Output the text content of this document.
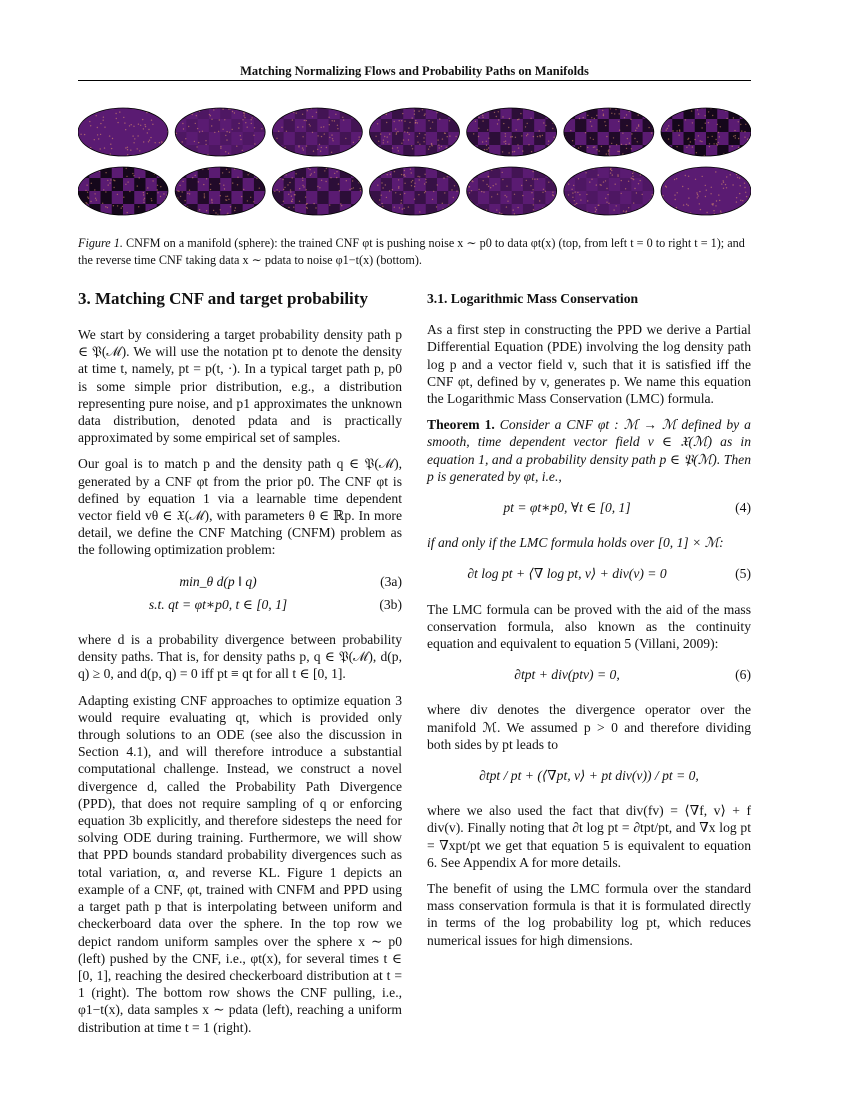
Matching Normalizing Flows and Probability Paths on Manifolds
Figure 1. CNFM on a manifold (sphere): the trained CNF φt is pushing noise x ∼ p0 to data φt(x) (top, from left t = 0 to right t = 1); and the reverse time CNF taking data x ∼ pdata to noise φ1−t(x) (bottom).
3. Matching CNF and target probability

We start by considering a target probability density path p ∈ 𝔓(ℳ). We will use the notation pt to denote the density at time t, namely, pt = p(t, ·). In a typical target path p, p0 is some simple prior distribution, e.g., a distribution representing pure noise, and p1 approximates the unknown data distribution, denoted pdata and is practically approximated by some empirical set of samples.

Our goal is to match p and the density path q ∈ 𝔓(ℳ), generated by a CNF φt from the prior p0. The CNF φt is defined by equation 1 via a learnable time dependent vector field vθ ∈ 𝔛(ℳ), with parameters θ ∈ ℝp. In more detail, we define the CNF Matching (CNFM) problem as the following optimization problem:

min_θ d(p ‖ q)	(3a)
s.t. qt = φt∗p0, t ∈ [0, 1]	(3b)

where d is a probability divergence between probability density paths. That is, for density paths p, q ∈ 𝔓(ℳ), d(p, q) ≥ 0, and d(p, q) = 0 iff pt ≡ qt for all t ∈ [0, 1].

Adapting existing CNF approaches to optimize equation 3 would require evaluating qt, which is provided only through solutions to an ODE (see also the discussion in Section 4.1), and will therefore introduce a substantial computational challenge. Instead, we construct a novel divergence d, called the Probability Path Divergence (PPD), that does not require sampling of q or enforcing equation 3b explicitly, and therefore sidesteps the need for solving ODE during training. Furthermore, we will show that PPD bounds standard probability divergences such as total variation, α, and reverse KL. Figure 1 depicts an example of a CNF, φt, trained with CNFM and PPD using a target path p that is interpolating between uniform and checkerboard data over the sphere. In the top row we depict random uniform samples over the sphere x ∼ p0 (left) pushed by the CNF, i.e., φt(x), for several times t ∈ [0, 1], reaching the desired checkerboard distribution at t = 1 (right). The bottom row shows the CNF pulling, i.e., φ1−t(x), data samples x ∼ pdata (left), reaching a uniform distribution at time t = 1 (right).

3.1. Logarithmic Mass Conservation

As a first step in constructing the PPD we derive a Partial Differential Equation (PDE) involving the log density path log p and a vector field v, such that it is satisfied iff the CNF φt, defined by v, generates p. We name this equation the Logarithmic Mass Conservation (LMC) formula.

Theorem 1. Consider a CNF φt : ℳ → ℳ defined by a smooth, time dependent vector field v ∈ 𝔛(ℳ) as in equation 1, and a probability density path p ∈ 𝔓(ℳ). Then p is generated by φt, i.e.,

pt = φt∗p0, ∀t ∈ [0, 1]	(4)

if and only if the LMC formula holds over [0, 1] × ℳ:

∂t log pt + ⟨∇ log pt, v⟩ + div(v) = 0	(5)

The LMC formula can be proved with the aid of the mass conservation formula, also known as the continuity equation and equivalent to equation 5 (Villani, 2009):

∂tpt + div(ptv) = 0,	(6)

where div denotes the divergence operator over the manifold ℳ. We assumed p > 0 and therefore dividing both sides by pt leads to

∂tpt / pt + (⟨∇pt, v⟩ + pt div(v)) / pt = 0,

where we also used the fact that div(fv) = ⟨∇f, v⟩ + f div(v). Finally noting that ∂t log pt = ∂tpt/pt, and ∇x log pt = ∇xpt/pt we get that equation 5 is equivalent to equation 6. See Appendix A for more details.

The benefit of using the LMC formula over the standard mass conservation formula is that it is formulated directly in terms of the log probability log pt, which reduces numerical issues for high dimensions.
